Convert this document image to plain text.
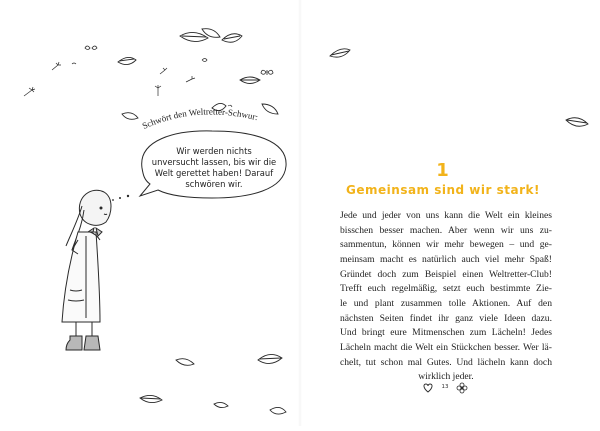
Schwört den Weltretter-Schwur:
Wir werden nichts
unversucht lassen, bis wir die
Welt gerettet haben! Darauf
schwören wir.
1
Gemeinsam sind wir stark!
Jede und jeder von uns kann die Welt ein kleines
bisschen besser machen. Aber wenn wir uns zu-
sammentun, können wir mehr bewegen – und ge-
meinsam macht es natürlich auch viel mehr Spaß!
Gründet doch zum Beispiel einen Weltretter-Club!
Trefft euch regelmäßig, setzt euch bestimmte Zie-
le und plant zusammen tolle Aktionen. Auf den
nächsten Seiten findet ihr ganz viele Ideen dazu.
Und bringt eure Mitmenschen zum Lächeln! Jedes
Lächeln macht die Welt ein Stückchen besser. Wer lä-
chelt, tut schon mal Gutes. Und lächeln kann doch
wirklich jeder.
13
